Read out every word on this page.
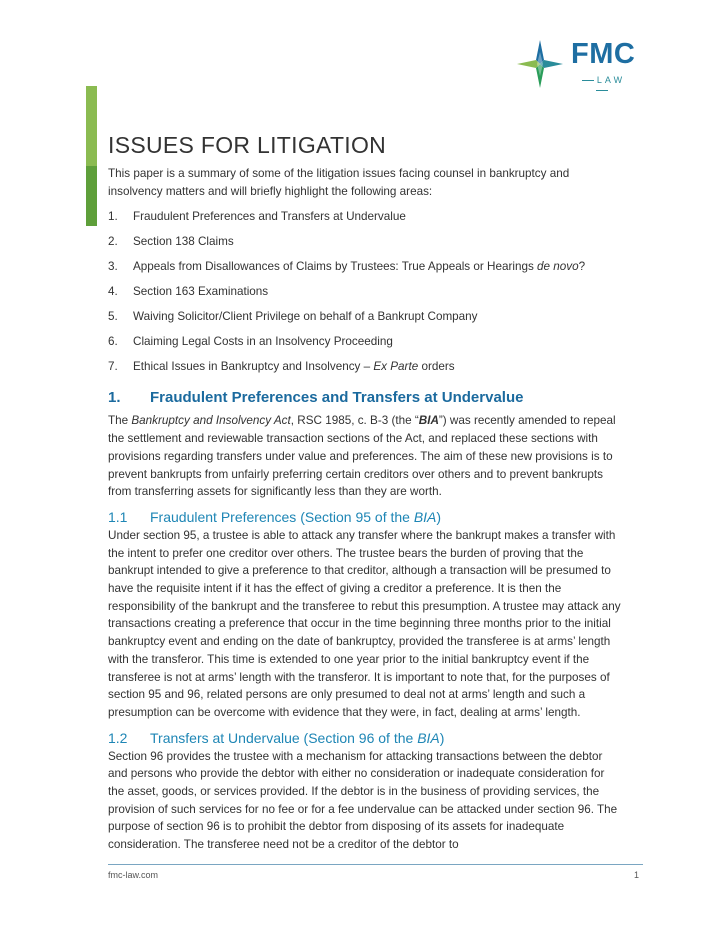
FMC
LAW
ISSUES FOR LITIGATION

This paper is a summary of some of the litigation issues facing counsel in bankruptcy and insolvency matters and will briefly highlight the following areas:

1.	Fraudulent Preferences and Transfers at Undervalue
2.	Section 138 Claims
3.	Appeals from Disallowances of Claims by Trustees: True Appeals or Hearings de novo?
4.	Section 163 Examinations
5.	Waiving Solicitor/Client Privilege on behalf of a Bankrupt Company
6.	Claiming Legal Costs in an Insolvency Proceeding
7.	Ethical Issues in Bankruptcy and Insolvency – Ex Parte orders
1.	Fraudulent Preferences and Transfers at Undervalue

The Bankruptcy and Insolvency Act, RSC 1985, c. B-3 (the “BIA”) was recently amended to repeal the settlement and reviewable transaction sections of the Act, and replaced these sections with provisions regarding transfers under value and preferences. The aim of these new provisions is to prevent bankrupts from unfairly preferring certain creditors over others and to prevent bankrupts from transferring assets for significantly less than they are worth.

1.1	Fraudulent Preferences (Section 95 of the BIA)

Under section 95, a trustee is able to attack any transfer where the bankrupt makes a transfer with the intent to prefer one creditor over others. The trustee bears the burden of proving that the bankrupt intended to give a preference to that creditor, although a transaction will be presumed to have the requisite intent if it has the effect of giving a creditor a preference. It is then the responsibility of the bankrupt and the transferee to rebut this presumption. A trustee may attack any transactions creating a preference that occur in the time beginning three months prior to the initial bankruptcy event and ending on the date of bankruptcy, provided the transferee is at arms’ length with the transferor. This time is extended to one year prior to the initial bankruptcy event if the transferee is not at arms’ length with the transferor. It is important to note that, for the purposes of section 95 and 96, related persons are only presumed to deal not at arms’ length and such a presumption can be overcome with evidence that they were, in fact, dealing at arms’ length.

1.2	Transfers at Undervalue (Section 96 of the BIA)

Section 96 provides the trustee with a mechanism for attacking transactions between the debtor and persons who provide the debtor with either no consideration or inadequate consideration for the asset, goods, or services provided. If the debtor is in the business of providing services, the provision of such services for no fee or for a fee undervalue can be attacked under section 96. The purpose of section 96 is to prohibit the debtor from disposing of its assets for inadequate consideration. The transferee need not be a creditor of the debtor to

fmc-law.com	1
